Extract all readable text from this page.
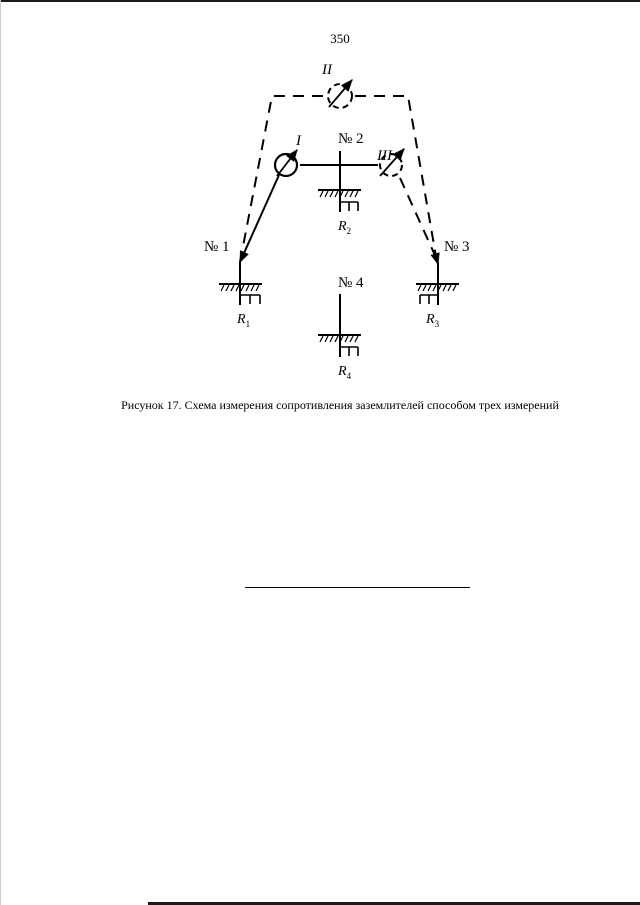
350
I
II
III
№ 1
$R_1$
№ 2
$R_2$
№ 3
$R_3$
№ 4
$R_4$
Рисунок 17. Схема измерения сопротивления заземлителей способом трех измерений
